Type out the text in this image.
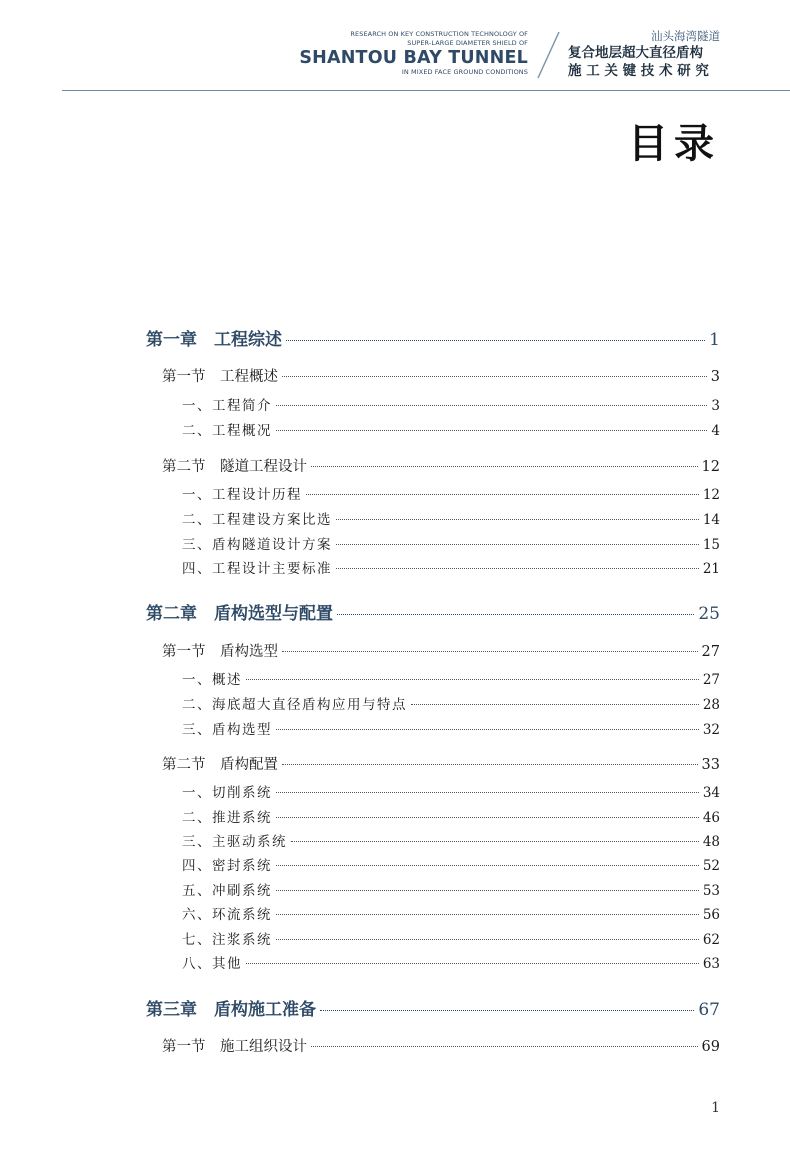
RESEARCH ON KEY CONSTRUCTION TECHNOLOGY OF
SUPER-LARGE DIAMETER SHIELD OF
SHANTOU BAY TUNNEL
IN MIXED FACE GROUND CONDITIONS
汕头海湾隧道
复合地层超大直径盾构
施 工 关 键 技 术 研 究
目录
第一章　工程综述	1
第一节　工程概述	3
一、工程简介	3
二、工程概况	4
第二节　隧道工程设计	12
一、工程设计历程	12
二、工程建设方案比选	14
三、盾构隧道设计方案	15
四、工程设计主要标准	21
第二章　盾构选型与配置	25
第一节　盾构选型	27
一、概述	27
二、海底超大直径盾构应用与特点	28
三、盾构选型	32
第二节　盾构配置	33
一、切削系统	34
二、推进系统	46
三、主驱动系统	48
四、密封系统	52
五、冲刷系统	53
六、环流系统	56
七、注浆系统	62
八、其他	63
第三章　盾构施工准备	67
第一节　施工组织设计	69
1
